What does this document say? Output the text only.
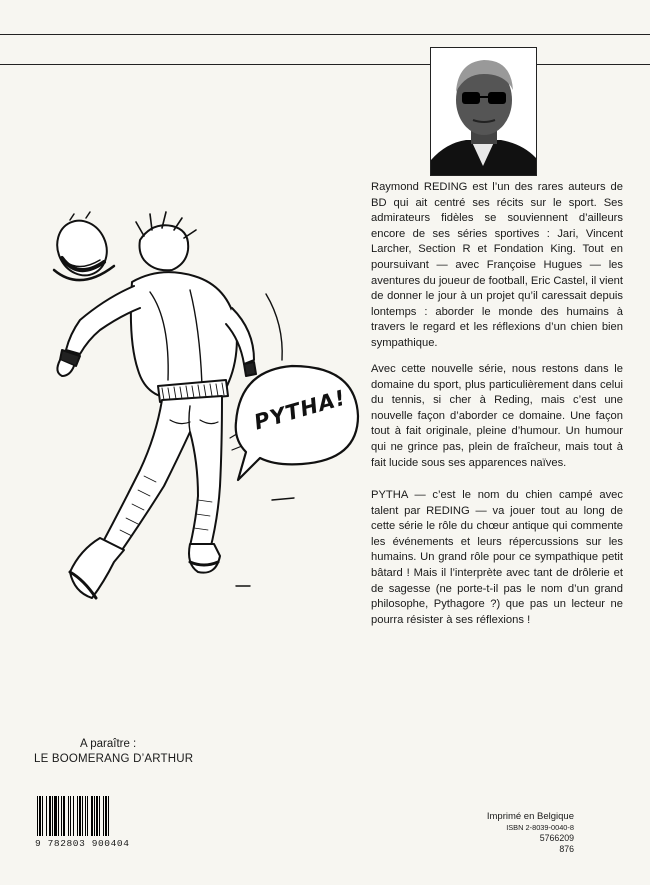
Raymond REDING est l’un des rares auteurs de BD qui ait centré ses récits sur le sport. Ses admirateurs fidèles se souviennent d’ailleurs encore de ses séries sportives : Jari, Vincent Larcher, Section R et Fondation King. Tout en poursuivant — avec Françoise Hugues — les aventures du joueur de football, Eric Castel, il vient de donner le jour à un projet qu’il caressait depuis lontemps : aborder le monde des humains à travers le regard et les réflexions d’un chien bien sympathique.

Avec cette nouvelle série, nous restons dans le domaine du sport, plus particulièrement dans celui du tennis, si cher à Reding, mais c’est une nouvelle façon d’aborder ce domaine. Une façon tout à fait originale, pleine d’humour. Un humour qui ne grince pas, plein de fraîcheur, mais tout à fait lucide sous ses apparences naïves.

PYTHA — c’est le nom du chien campé avec talent par REDING — va jouer tout au long de cette série le rôle du chœur antique qui commente les événements et leurs répercussions sur les humains. Un grand rôle pour ce sympathique petit bâtard ! Mais il l’interprète avec tant de drôlerie et de sagesse (ne porte-t-il pas le nom d’un grand philosophe, Pythagore ?) que pas un lecteur ne pourra résister à ses réflexions !

PYTHA!
A paraître :
LE BOOMERANG D’ARTHUR
9 782803 900404
Imprimé en Belgique
ISBN 2-8039-0040-8
5766209
876
